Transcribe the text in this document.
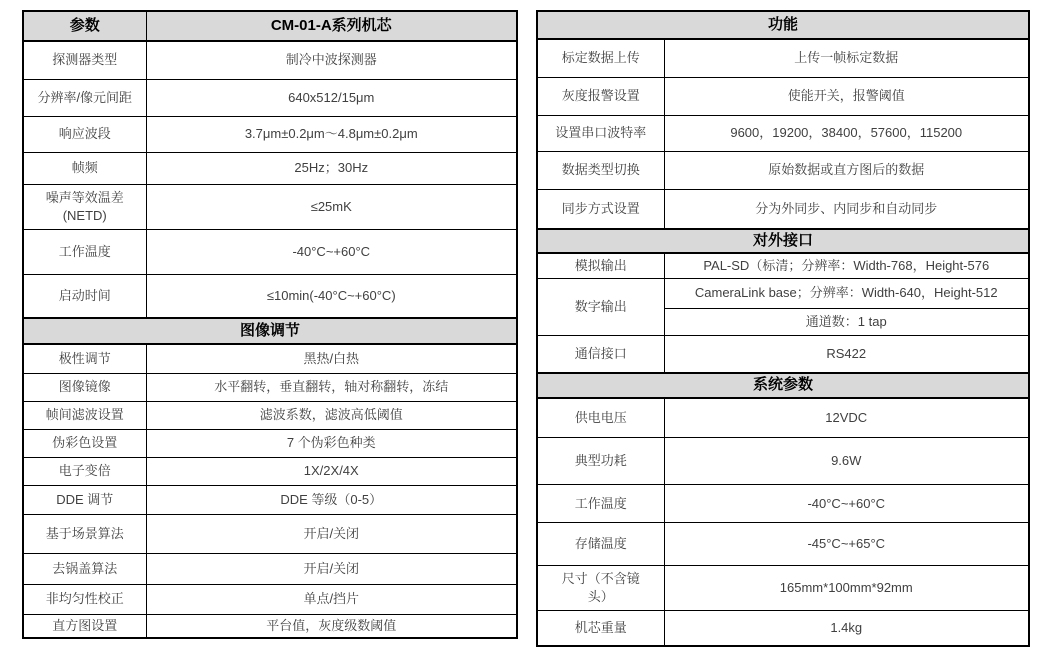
参数	CM-01-A系列机芯
探测器类型	制冷中波探测器
分辨率/像元间距	640x512/15μm
响应波段	3.7μm±0.2μm～4.8μm±0.2μm
帧频	25Hz；30Hz
噪声等效温差(NETD)	≤25mK
工作温度	-40°C~+60°C
启动时间	≤10min(-40°C~+60°C)
图像调节	
极性调节	黑热/白热
图像镜像	水平翻转，垂直翻转，轴对称翻转，冻结
帧间滤波设置	滤波系数，滤波高低阈值
伪彩色设置	7 个伪彩色种类
电子变倍	1X/2X/4X
DDE 调节	DDE 等级（0-5）
基于场景算法	开启/关闭
去锅盖算法	开启/关闭
非均匀性校正	单点/挡片
直方图设置	平台值，灰度级数阈值
功能	
标定数据上传	上传一帧标定数据
灰度报警设置	使能开关，报警阈值
设置串口波特率	9600，19200，38400，57600，115200
数据类型切换	原始数据或直方图后的数据
同步方式设置	分为外同步、内同步和自动同步
对外接口	
模拟输出	PAL-SD（标清；分辨率：Width-768，Height-576
数字输出	CameraLink base；分辨率：Width-640，Height-512
	通道数：1 tap
通信接口	RS422
系统参数	
供电电压	12VDC
典型功耗	9.6W
工作温度	-40°C~+60°C
存储温度	-45°C~+65°C
尺寸（不含镜头）	165mm*100mm*92mm
机芯重量	1.4kg
